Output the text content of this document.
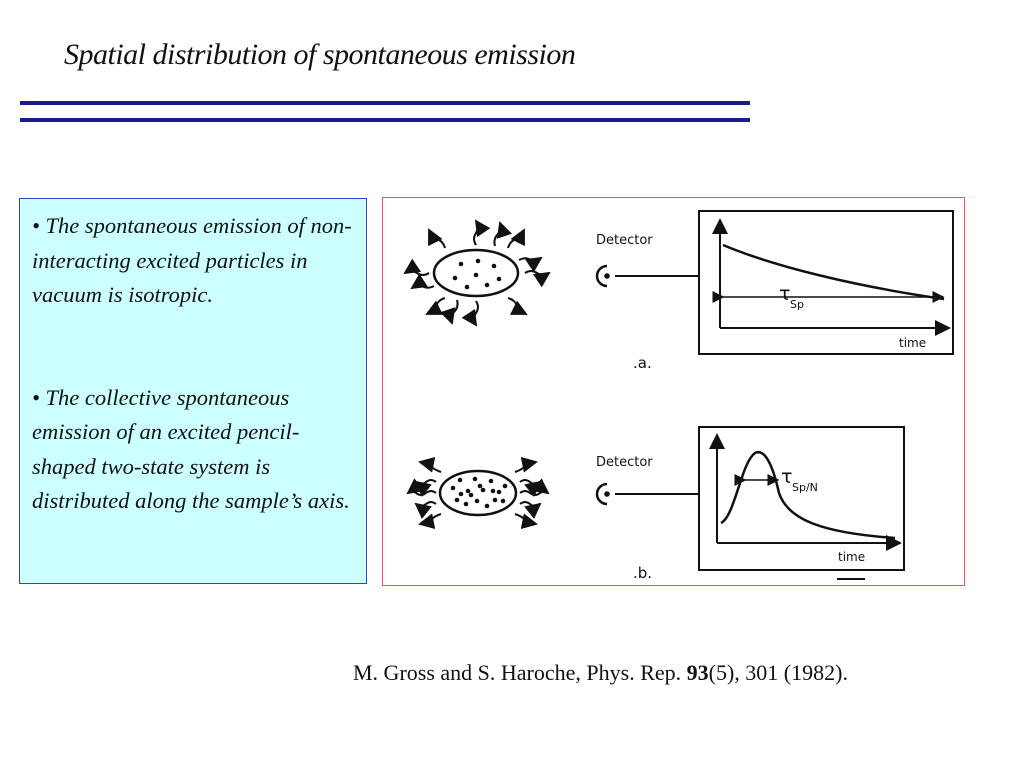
Spatial distribution of spontaneous emission

• The spontaneous emission of non-interacting excited particles in vacuum is isotropic.

• The collective spontaneous emission of an excited pencil-shaped two-state system is distributed along the sample’s axis.

Detector
τ Sp
time
.a.
Detector
τ Sp/N
time
.b.
M. Gross and S. Haroche, Phys. Rep. 93(5), 301 (1982).
